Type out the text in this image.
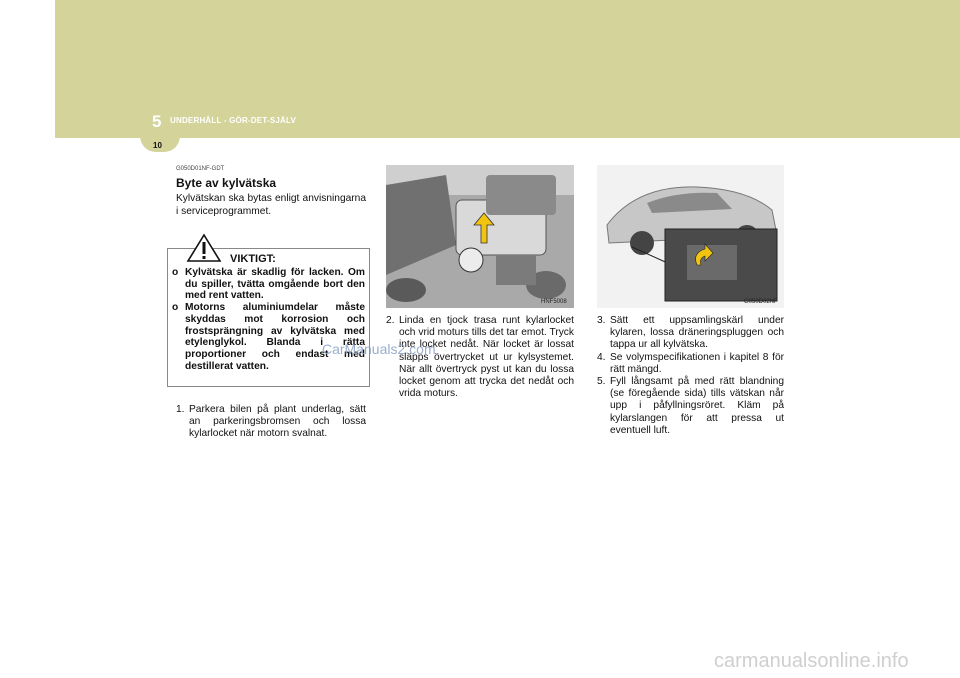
5 UNDERHÅLL - GÖR-DET-SJÄLV
10
G050D01NF-GDT
Byte av kylvätska
Kylvätskan ska bytas enligt anvisningarna i serviceprogrammet.
VIKTIGT:
o Kylvätska är skadlig för lacken. Om du spiller, tvätta omgående bort den med rent vatten.
o Motorns aluminiumdelar måste skyddas mot korrosion och frostsprängning av kylvätska med etylenglykol. Blanda i rätta proportioner och endast med destillerat vatten.
1. Parkera bilen på plant underlag, sätt an parkeringsbromsen och lossa kylarlocket när motorn svalnat.
HNF5008
2. Linda en tjock trasa runt kylarlocket och vrid moturs tills det tar emot. Tryck inte locket nedåt. När locket är lossat släpps övertrycket ut ur kylsystemet. När allt övertryck pyst ut kan du lossa locket genom att trycka det nedåt och vrida moturs.
G050D02NF
3. Sätt ett uppsamlingskärl under kylaren, lossa dräneringspluggen och tappa ur all kylvätska.
4. Se volymspecifikationen i kapitel 8 för rätt mängd.
5. Fyll långsamt på med rätt blandning (se föregående sida) tills vätskan når upp i påfyllningsröret. Kläm på kylarslangen för att pressa ut eventuell luft.
CarManuals2.com
carmanualsonline.info
